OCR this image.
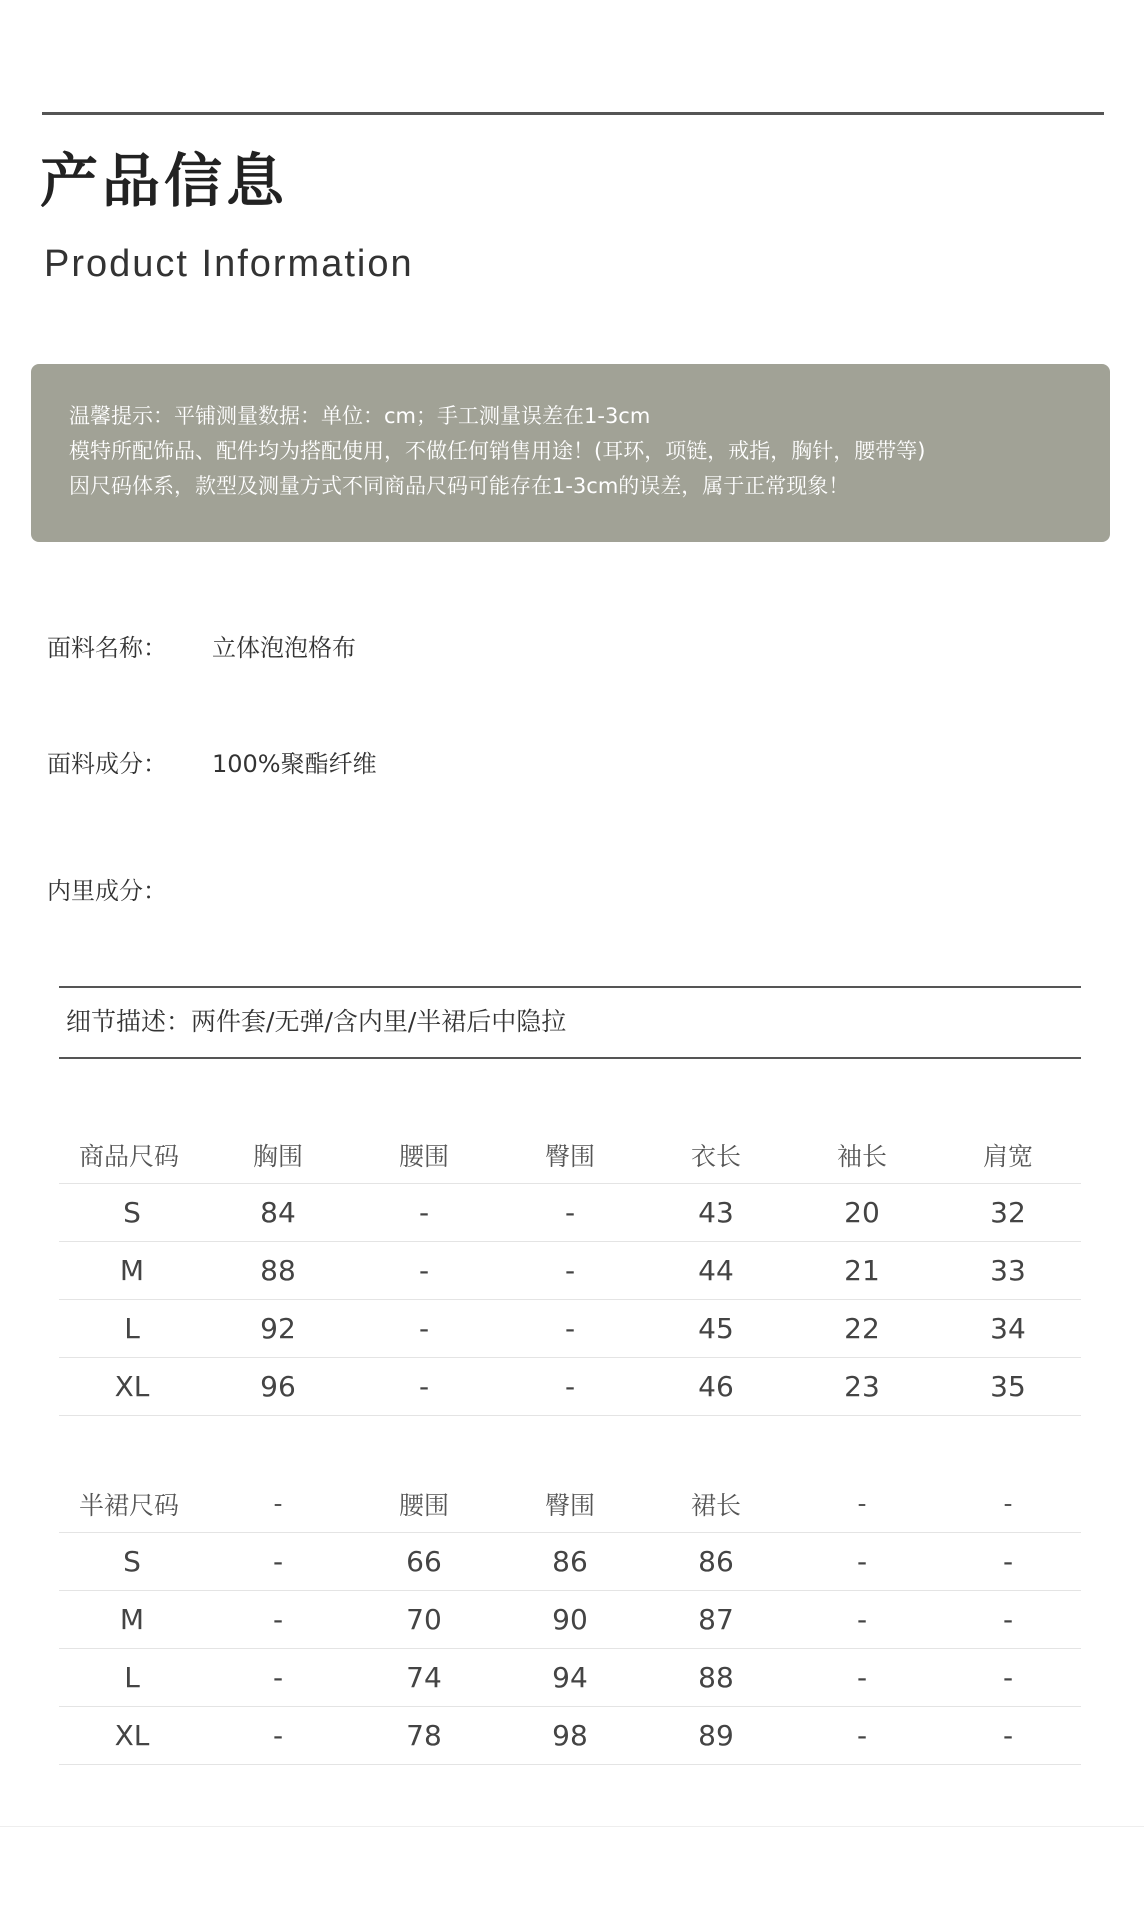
产品信息
Product Information
温馨提示：平铺测量数据：单位：cm；手工测量误差在1-3cm
模特所配饰品、配件均为搭配使用，不做任何销售用途！(耳环，项链，戒指，胸针，腰带等)
因尺码体系，款型及测量方式不同商品尺码可能存在1-3cm的误差，属于正常现象！
面料名称： 立体泡泡格布
面料成分： 100%聚酯纤维
内里成分：
细节描述：两件套/无弹/含内里/半裙后中隐拉
商品尺码	胸围	腰围	臀围	衣长	袖长	肩宽
S	84	-	-	43	20	32
M	88	-	-	44	21	33
L	92	-	-	45	22	34
XL	96	-	-	46	23	35
半裙尺码	-	腰围	臀围	裙长	-	-
S	-	66	86	86	-	-
M	-	70	90	87	-	-
L	-	74	94	88	-	-
XL	-	78	98	89	-	-
